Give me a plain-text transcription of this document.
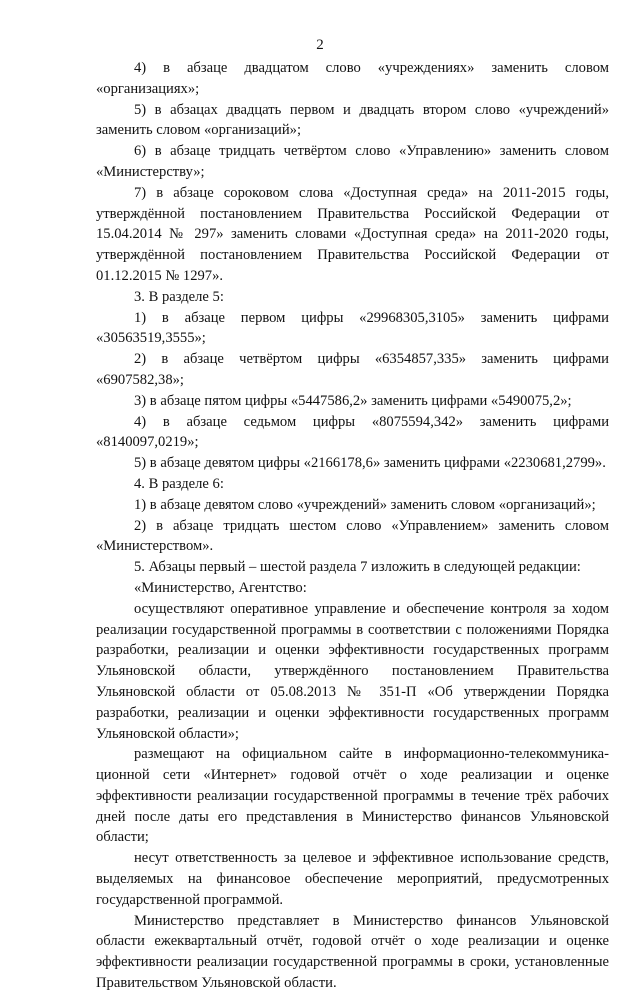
2

4) в абзаце двадцатом слово «учреждениях» заменить словом «организациях»;

5) в абзацах двадцать первом и двадцать втором слово «учреждений» заменить словом «организаций»;

6) в абзаце тридцать четвёртом слово «Управлению» заменить словом «Министерству»;

7) в абзаце сороковом слова «Доступная среда» на 2011-2015 годы, утверждённой постановлением Правительства Российской Федерации от 15.04.2014 № 297» заменить словами «Доступная среда» на 2011-2020 годы, утверждённой постановлением Правительства Российской Федерации от 01.12.2015 № 1297».

3. В разделе 5:

1) в абзаце первом цифры «29968305,3105» заменить цифрами «30563519,3555»;

2) в абзаце четвёртом цифры «6354857,335» заменить цифрами «6907582,38»;

3) в абзаце пятом цифры «5447586,2» заменить цифрами «5490075,2»;

4) в абзаце седьмом цифры «8075594,342» заменить цифрами «8140097,0219»;

5) в абзаце девятом цифры «2166178,6» заменить цифрами «2230681,2799».

4. В разделе 6:

1) в абзаце девятом слово «учреждений» заменить словом «организаций»;

2) в абзаце тридцать шестом слово «Управлением» заменить словом «Министерством».

5. Абзацы первый – шестой раздела 7 изложить в следующей редакции:

«Министерство, Агентство:

осуществляют оперативное управление и обеспечение контроля за ходом реализации государственной программы в соответствии с положениями Порядка разработки, реализации и оценки эффективности государственных программ Ульяновской области, утверждённого постановлением Правительства Ульяновской области от 05.08.2013 № 351-П «Об утверждении Порядка разработки, реализации и оценки эффективности государственных программ Ульяновской области»;

размещают на официальном сайте в информационно-телекоммуника-ционной сети «Интернет» годовой отчёт о ходе реализации и оценке эффективности реализации государственной программы в течение трёх рабочих дней после даты его представления в Министерство финансов Ульяновской области;

несут ответственность за целевое и эффективное использование средств, выделяемых на финансовое обеспечение мероприятий, предусмотренных государственной программой.

Министерство представляет в Министерство финансов Ульяновской области ежеквартальный отчёт, годовой отчёт о ходе реализации и оценке эффективности реализации государственной программы в сроки, установленные Правительством Ульяновской области.
